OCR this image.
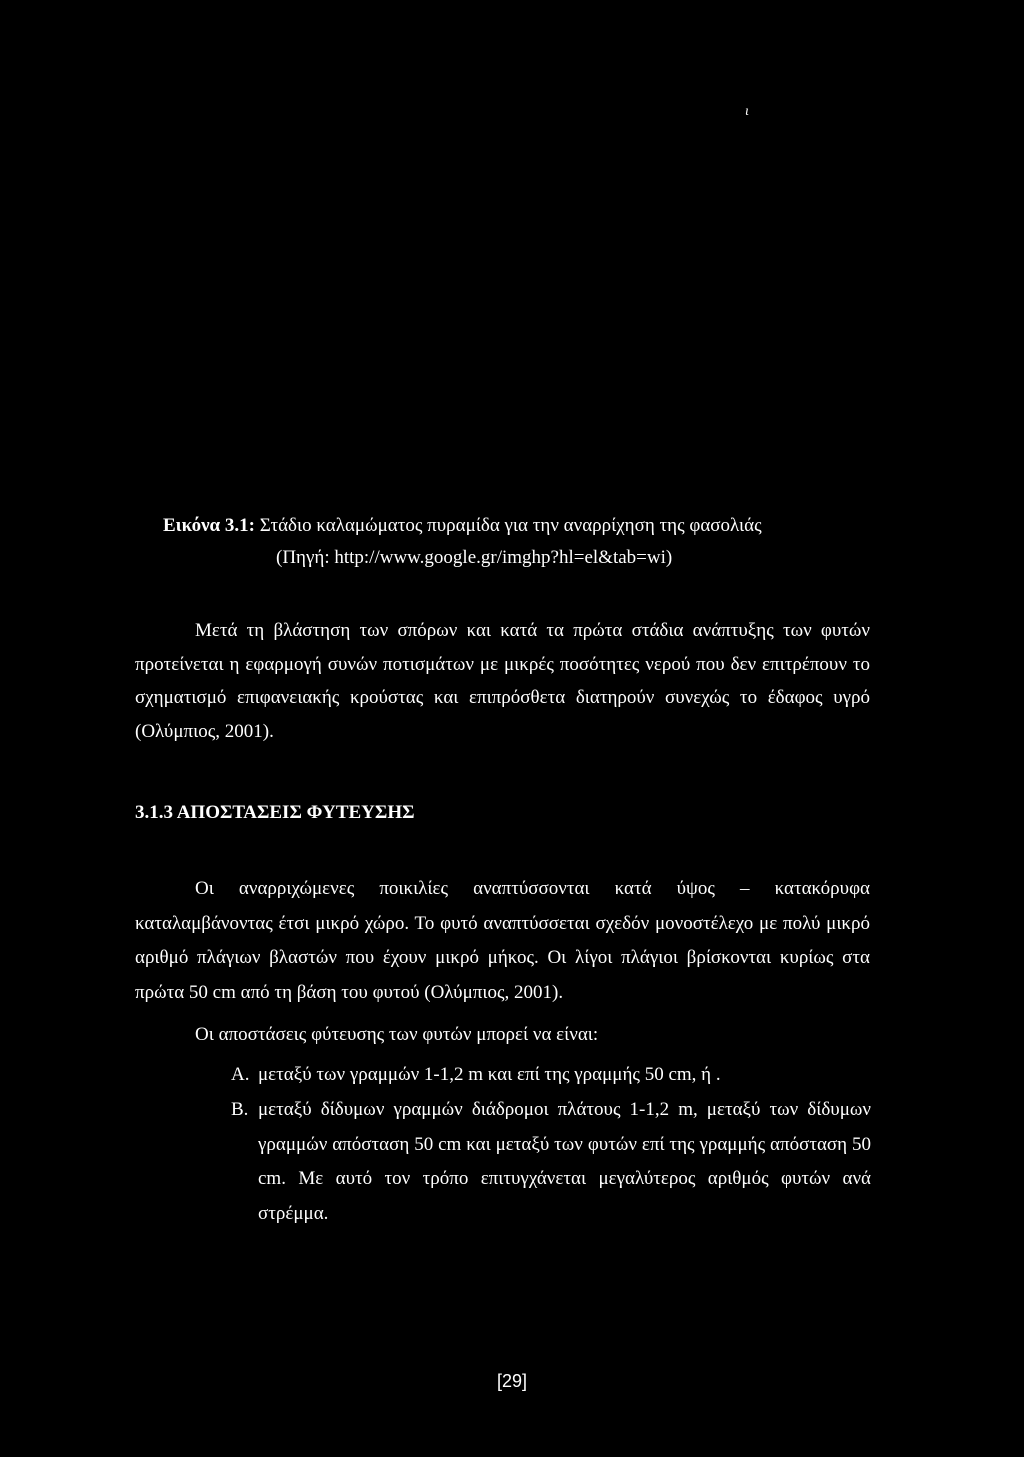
ι
Εικόνα 3.1: Στάδιο καλαμώματος πυραμίδα για την αναρρίχηση της φασολιάς
(Πηγή: http://www.google.gr/imghp?hl=el&tab=wi)
Μετά τη βλάστηση των σπόρων και κατά τα πρώτα στάδια ανάπτυξης των φυτών προτείνεται η εφαρμογή συνών ποτισμάτων με μικρές ποσότητες νερού που δεν επιτρέπουν το σχηματισμό επιφανειακής κρούστας και επιπρόσθετα διατηρούν συνεχώς το έδαφος υγρό (Ολύμπιος, 2001).
3.1.3 ΑΠΟΣΤΑΣΕΙΣ ΦΥΤΕΥΣΗΣ
Οι αναρριχώμενες ποικιλίες αναπτύσσονται κατά ύψος – κατακόρυφα καταλαμβάνοντας έτσι μικρό χώρο. Το φυτό αναπτύσσεται σχεδόν μονοστέλεχο με πολύ μικρό αριθμό πλάγιων βλαστών που έχουν μικρό μήκος. Οι λίγοι πλάγιοι βρίσκονται κυρίως στα πρώτα 50 cm από τη βάση του φυτού (Ολύμπιος, 2001).
Οι αποστάσεις φύτευσης των φυτών μπορεί να είναι:
Α. μεταξύ των γραμμών 1-1,2 m και επί της γραμμής 50 cm, ή .
Β. μεταξύ δίδυμων γραμμών διάδρομοι πλάτους 1-1,2 m, μεταξύ των δίδυμων γραμμών απόσταση 50 cm και μεταξύ των φυτών επί της γραμμής απόσταση 50 cm. Με αυτό τον τρόπο επιτυγχάνεται μεγαλύτερος αριθμός φυτών ανά στρέμμα.
[29]
